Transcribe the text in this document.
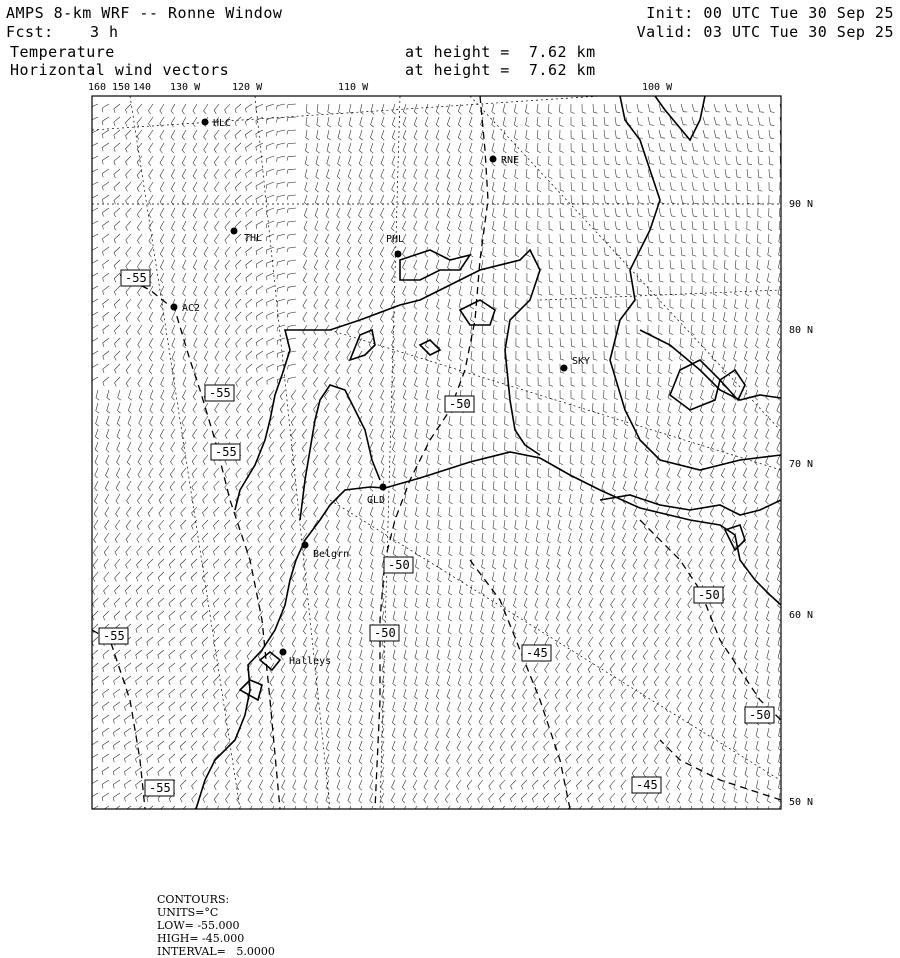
AMPS 8-km WRF -- Ronne Window
Fcst: 3 h
Init: 00 UTC Tue 30 Sep 25
Valid: 03 UTC Tue 30 Sep 25
Temperature	at height =  7.62 km
Horizontal wind vectors	at height =  7.62 km
HLC
RNE
THL	PHL
AC2
SKY
GLD
Belgrn
Halleys
-55
-55
-55
-50
-50
-50
-55
-45
-50
-50
-45
-55
160 150 140 130 W	120 W	110 W	100 W
90 N
80 N
70 N
60 N
50 N

CONTOURS:
UNITS=°C
LOW= -55.000
HIGH= -45.000
INTERVAL=   5.0000
